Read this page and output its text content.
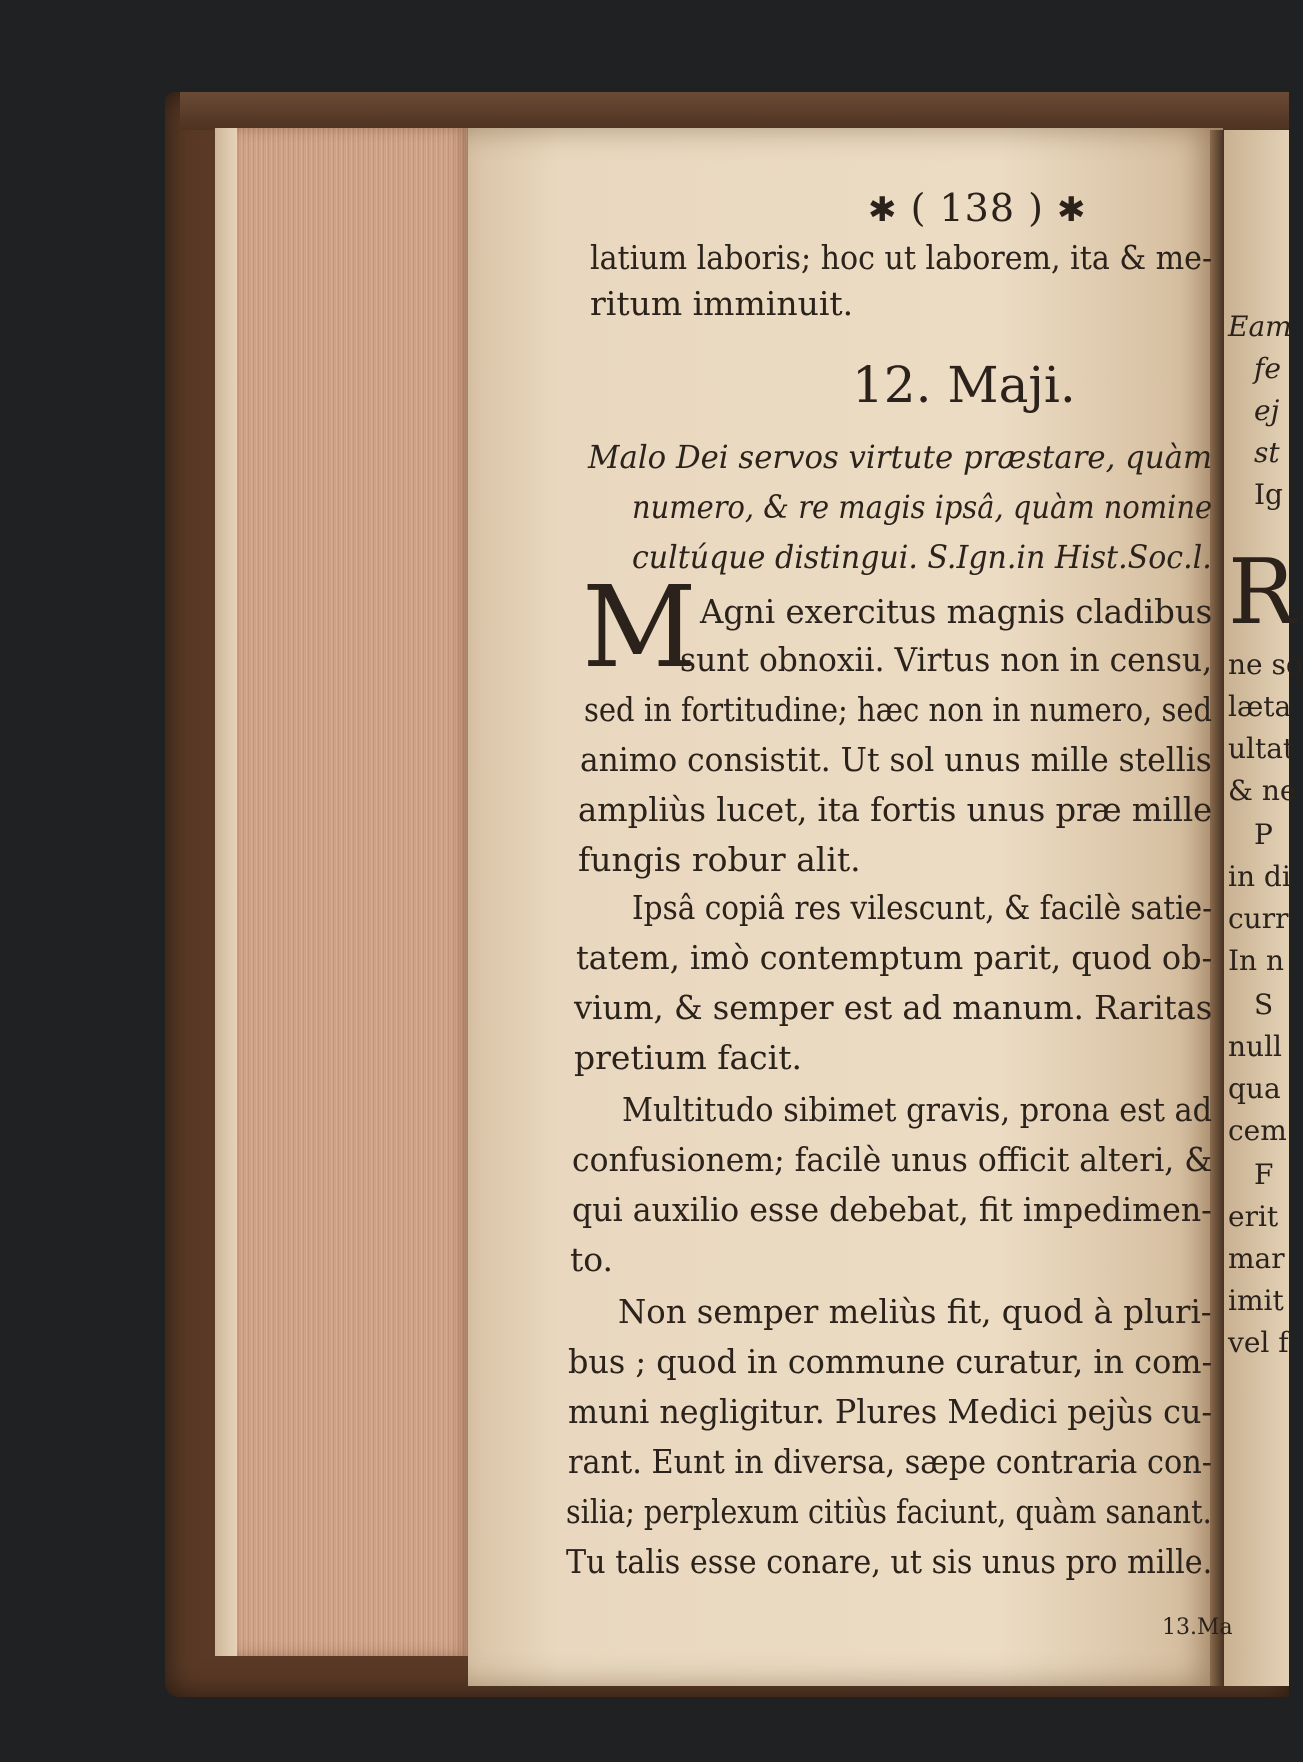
Eam
fe
ej
st
Ig
R
ne so
læta
ultat
& ne
P
in di
curr
In n
S
null
qua
cem
F
erit
mar
imit
vel f
✱ ( 138 ) ✱
latium laboris; hoc ut laborem, ita & me-
ritum imminuit.
12. Maji.
Malo Dei servos virtute præstare, quàm
numero, & re magis ipsâ, quàm nomine
cultúque distingui. S.Ign.in Hist.Soc.l.
M Agni exercitus magnis cladibus
sunt obnoxii. Virtus non in censu,
sed in fortitudine; hæc non in numero, sed
animo consistit. Ut sol unus mille stellis
ampliùs lucet, ita fortis unus præ mille
fungis robur alit.
Ipsâ copiâ res vilescunt, & facilè satie-
tatem, imò contemptum parit, quod ob-
vium, & semper est ad manum. Raritas
pretium facit.
Multitudo sibimet gravis, prona est ad
confusionem; facilè unus officit alteri, &
qui auxilio esse debebat, fit impedimen-
to.
Non semper meliùs fit, quod à pluri-
bus ; quod in commune curatur, in com-
muni negligitur. Plures Medici pejùs cu-
rant. Eunt in diversa, sæpe contraria con-
silia; perplexum citiùs faciunt, quàm sanant.
Tu talis esse conare, ut sis unus pro mille.
13.Ma
